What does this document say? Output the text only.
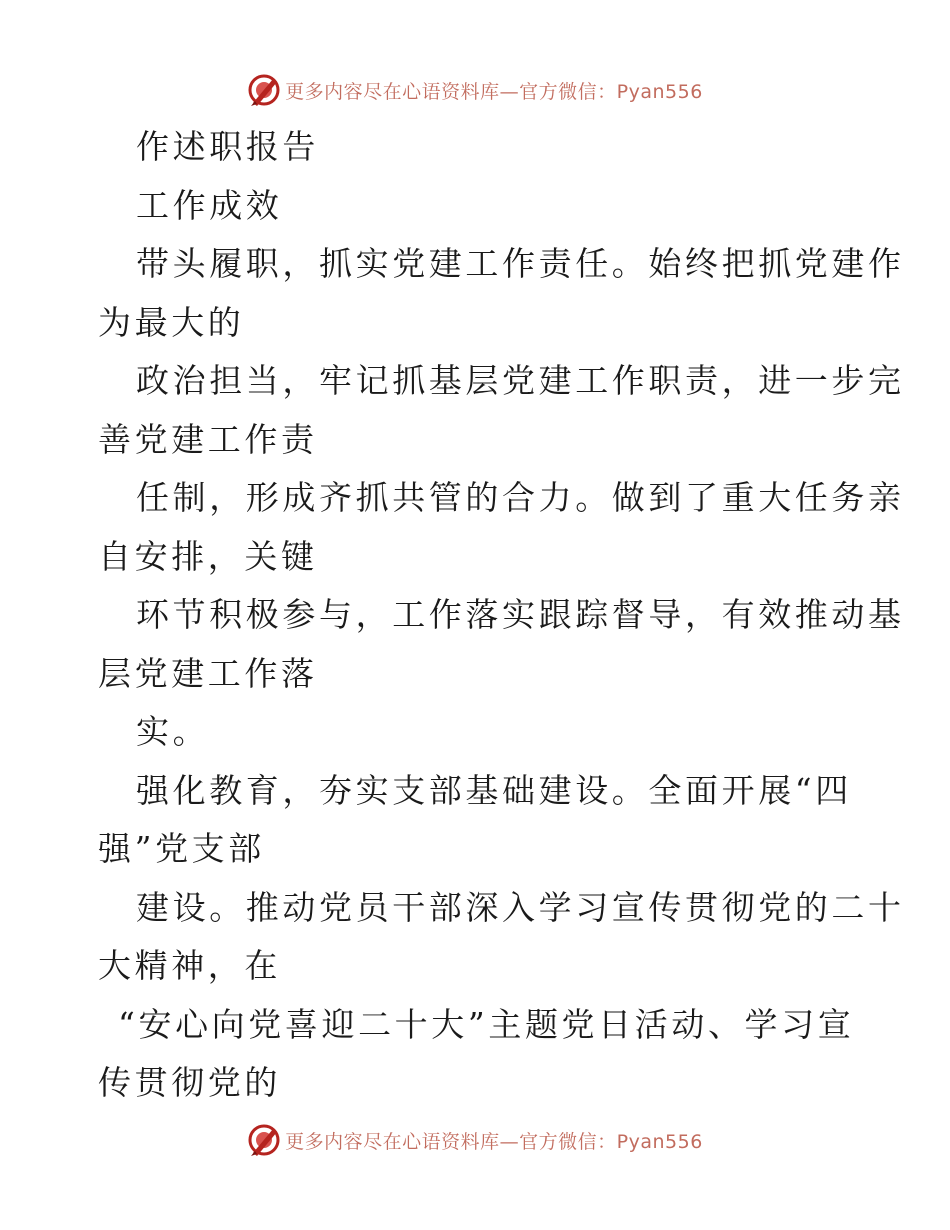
更多内容尽在心语资料库—官方微信：Pyan556
作述职报告
工作成效
带头履职，抓实党建工作责任。始终把抓党建作
为最大的
政治担当，牢记抓基层党建工作职责，进一步完
善党建工作责
任制，形成齐抓共管的合力。做到了重大任务亲
自安排，关键
环节积极参与，工作落实跟踪督导，有效推动基
层党建工作落
实。
强化教育，夯实支部基础建设。全面开展“四
强”党支部
建设。推动党员干部深入学习宣传贯彻党的二十
大精神，在
“安心向党喜迎二十大”主题党日活动、学习宣
传贯彻党的
更多内容尽在心语资料库—官方微信：Pyan556
